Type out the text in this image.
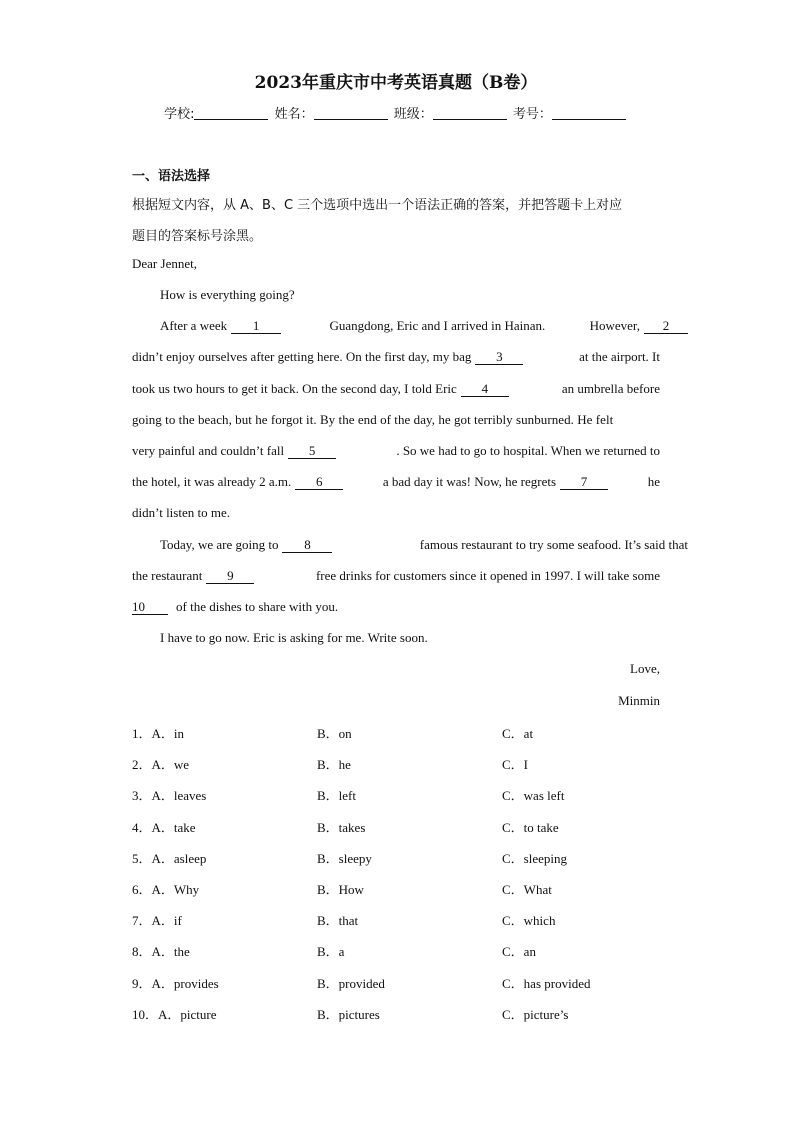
2023年重庆市中考英语真题（B卷）
学校:	姓名：	班级：	考号：
一、语法选择
根据短文内容，从 A、B、C 三个选项中选出一个语法正确的答案，并把答题卡上对应
题目的答案标号涂黑。
Dear Jennet,
How is everything going?
After a week 1	Guangdong, Eric and I arrived in Hainan.	However, 2
didn’t enjoy ourselves after getting here. On the first day, my bag 3	at the airport. It
took us two hours to get it back. On the second day, I told Eric 4	an umbrella before
going to the beach, but he forgot it. By the end of the day, he got terribly sunburned. He felt
very painful and couldn’t fall 5	. So we had to go to hospital. When we returned to
the hotel, it was already 2 a.m. 6	a bad day it was! Now, he regrets 7	he
didn’t listen to me.
Today, we are going to 8	famous restaurant to try some seafood. It’s said that
the restaurant 9	free drinks for customers since it opened in 1997. I will take some
10 of the dishes to share with you.
I have to go now. Eric is asking for me. Write soon.
Love,
Minmin
1．A．in	B．on	C．at
2．A．we	B．he	C．I
3．A．leaves	B．left	C．was left
4．A．take	B．takes	C．to take
5．A．asleep	B．sleepy	C．sleeping
6．A．Why	B．How	C．What
7．A．if	B．that	C．which
8．A．the	B．a	C．an
9．A．provides	B．provided	C．has provided
10．A．picture	B．pictures	C．picture’s
